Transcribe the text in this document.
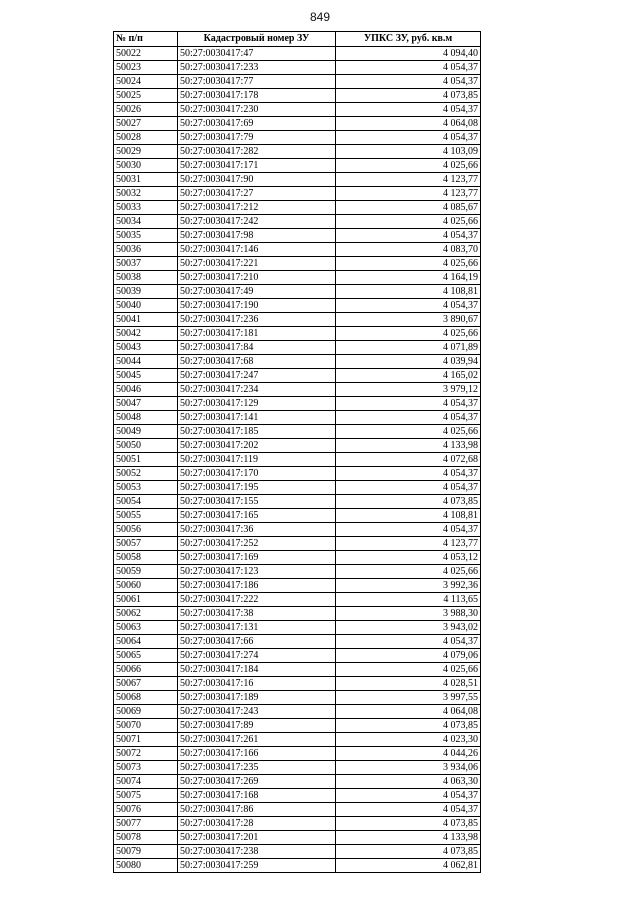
849
№ п/п	Кадастровый номер ЗУ	УПКС ЗУ, руб. кв.м
50022	50:27:0030417:47	4 094,40
50023	50:27:0030417:233	4 054,37
50024	50:27:0030417:77	4 054,37
50025	50:27:0030417:178	4 073,85
50026	50:27:0030417:230	4 054,37
50027	50:27:0030417:69	4 064,08
50028	50:27:0030417:79	4 054,37
50029	50:27:0030417:282	4 103,09
50030	50:27:0030417:171	4 025,66
50031	50:27:0030417:90	4 123,77
50032	50:27:0030417:27	4 123,77
50033	50:27:0030417:212	4 085,67
50034	50:27:0030417:242	4 025,66
50035	50:27:0030417:98	4 054,37
50036	50:27:0030417:146	4 083,70
50037	50:27:0030417:221	4 025,66
50038	50:27:0030417:210	4 164,19
50039	50:27:0030417:49	4 108,81
50040	50:27:0030417:190	4 054,37
50041	50:27:0030417:236	3 890,67
50042	50:27:0030417:181	4 025,66
50043	50:27:0030417:84	4 071,89
50044	50:27:0030417:68	4 039,94
50045	50:27:0030417:247	4 165,02
50046	50:27:0030417:234	3 979,12
50047	50:27:0030417:129	4 054,37
50048	50:27:0030417:141	4 054,37
50049	50:27:0030417:185	4 025,66
50050	50:27:0030417:202	4 133,98
50051	50:27:0030417:119	4 072,68
50052	50:27:0030417:170	4 054,37
50053	50:27:0030417:195	4 054,37
50054	50:27:0030417:155	4 073,85
50055	50:27:0030417:165	4 108,81
50056	50:27:0030417:36	4 054,37
50057	50:27:0030417:252	4 123,77
50058	50:27:0030417:169	4 053,12
50059	50:27:0030417:123	4 025,66
50060	50:27:0030417:186	3 992,36
50061	50:27:0030417:222	4 113,65
50062	50:27:0030417:38	3 988,30
50063	50:27:0030417:131	3 943,02
50064	50:27:0030417:66	4 054,37
50065	50:27:0030417:274	4 079,06
50066	50:27:0030417:184	4 025,66
50067	50:27:0030417:16	4 028,51
50068	50:27:0030417:189	3 997,55
50069	50:27:0030417:243	4 064,08
50070	50:27:0030417:89	4 073,85
50071	50:27:0030417:261	4 023,30
50072	50:27:0030417:166	4 044,26
50073	50:27:0030417:235	3 934,06
50074	50:27:0030417:269	4 063,30
50075	50:27:0030417:168	4 054,37
50076	50:27:0030417:86	4 054,37
50077	50:27:0030417:28	4 073,85
50078	50:27:0030417:201	4 133,98
50079	50:27:0030417:238	4 073,85
50080	50:27:0030417:259	4 062,81
